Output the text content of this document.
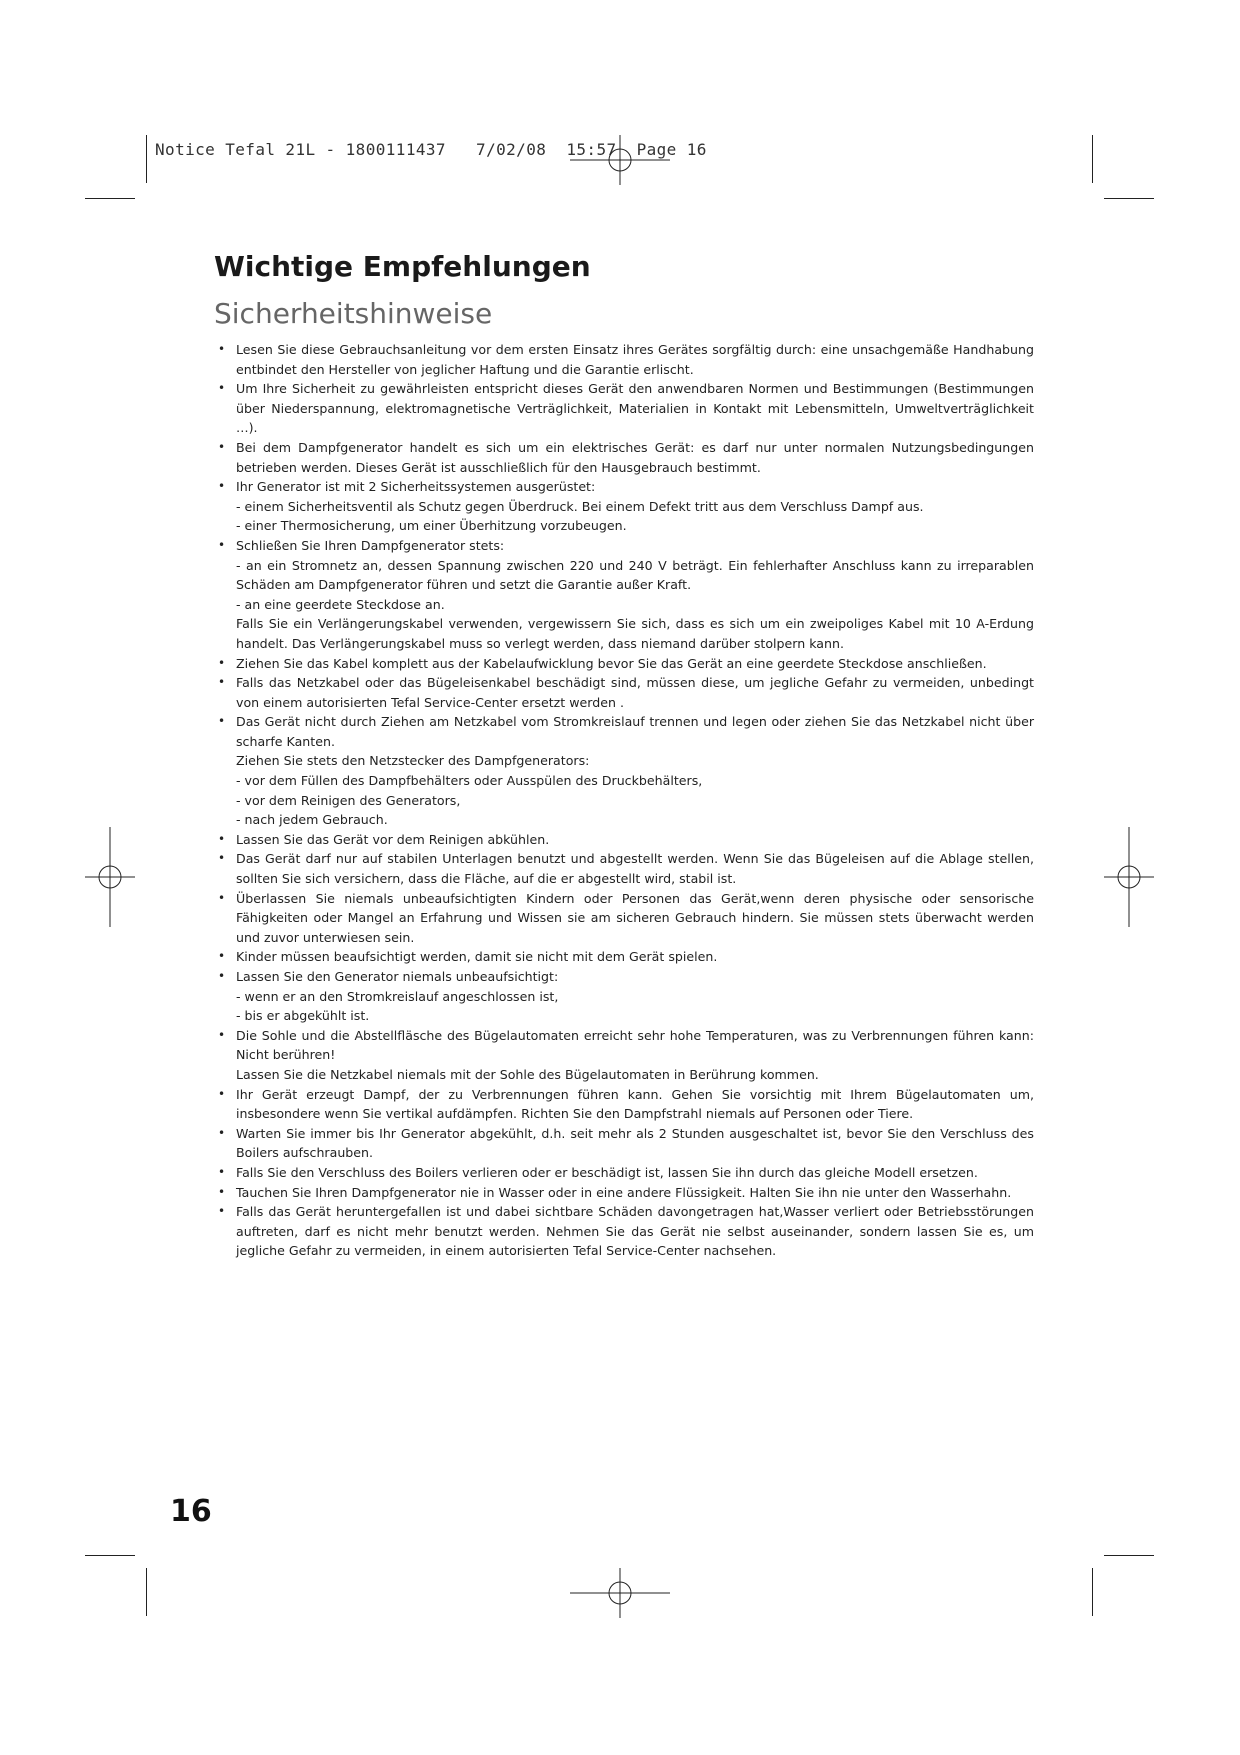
Notice Tefal 21L - 1800111437   7/02/08  15:57  Page 16
Wichtige Empfehlungen
Sicherheitshinweise
• Lesen Sie diese Gebrauchsanleitung vor dem ersten Einsatz ihres Gerätes sorgfältig durch: eine unsachgemäße Handhabung entbindet den Hersteller von jeglicher Haftung und die Garantie erlischt.
• Um Ihre Sicherheit zu gewährleisten entspricht dieses Gerät den anwendbaren Normen und Bestimmungen (Bestimmungen über Niederspannung, elektromagnetische Verträglichkeit, Materialien in Kontakt mit Lebensmitteln, Umweltverträglichkeit …).
• Bei dem Dampfgenerator handelt es sich um ein elektrisches Gerät: es darf nur unter normalen Nutzungsbedingungen betrieben werden. Dieses Gerät ist ausschließlich für den Hausgebrauch bestimmt.
• Ihr Generator ist mit 2 Sicherheitssystemen ausgerüstet:
- einem Sicherheitsventil als Schutz gegen Überdruck. Bei einem Defekt tritt aus dem Verschluss Dampf aus.
- einer Thermosicherung, um einer Überhitzung vorzubeugen.
• Schließen Sie Ihren Dampfgenerator stets:
- an ein Stromnetz an, dessen Spannung zwischen 220 und 240 V beträgt. Ein fehlerhafter Anschluss kann zu irreparablen Schäden am Dampfgenerator führen und setzt die Garantie außer Kraft.
- an eine geerdete Steckdose an.
Falls Sie ein Verlängerungskabel verwenden, vergewissern Sie sich, dass es sich um ein zweipoliges Kabel mit 10 A-Erdung handelt. Das Verlängerungskabel muss so verlegt werden, dass niemand darüber stolpern kann.
• Ziehen Sie das Kabel komplett aus der Kabelaufwicklung bevor Sie das Gerät an eine geerdete Steckdose anschließen.
• Falls das Netzkabel oder das Bügeleisenkabel beschädigt sind, müssen diese, um jegliche Gefahr zu vermeiden, unbedingt von einem autorisierten Tefal Service-Center ersetzt werden .
• Das Gerät nicht durch Ziehen am Netzkabel vom Stromkreislauf trennen und legen oder ziehen Sie das Netzkabel nicht über scharfe Kanten.
Ziehen Sie stets den Netzstecker des Dampfgenerators:
- vor dem Füllen des Dampfbehälters oder Ausspülen des Druckbehälters,
- vor dem Reinigen des Generators,
- nach jedem Gebrauch.
• Lassen Sie das Gerät vor dem Reinigen abkühlen.
• Das Gerät darf nur auf stabilen Unterlagen benutzt und abgestellt werden. Wenn Sie das Bügeleisen auf die Ablage stellen, sollten Sie sich versichern, dass die Fläche, auf die er abgestellt wird, stabil ist.
• Überlassen Sie niemals unbeaufsichtigten Kindern oder Personen das Gerät,wenn deren physische oder sensorische Fähigkeiten oder Mangel an Erfahrung und Wissen sie am sicheren Gebrauch hindern. Sie müssen stets überwacht werden und zuvor unterwiesen sein.
• Kinder müssen beaufsichtigt werden, damit sie nicht mit dem Gerät spielen.
• Lassen Sie den Generator niemals unbeaufsichtigt:
- wenn er an den Stromkreislauf angeschlossen ist,
- bis er abgekühlt ist.
• Die Sohle und die Abstellfläsche des Bügelautomaten erreicht sehr hohe Temperaturen, was zu Verbrennungen führen kann: Nicht berühren!
Lassen Sie die Netzkabel niemals mit der Sohle des Bügelautomaten in Berührung kommen.
• Ihr Gerät erzeugt Dampf, der zu Verbrennungen führen kann. Gehen Sie vorsichtig mit Ihrem Bügelautomaten um, insbesondere wenn Sie vertikal aufdämpfen. Richten Sie den Dampfstrahl niemals auf Personen oder Tiere.
• Warten Sie immer bis Ihr Generator abgekühlt, d.h. seit mehr als 2 Stunden ausgeschaltet ist, bevor Sie den Verschluss des Boilers aufschrauben.
• Falls Sie den Verschluss des Boilers verlieren oder er beschädigt ist, lassen Sie ihn durch das gleiche Modell ersetzen.
• Tauchen Sie Ihren Dampfgenerator nie in Wasser oder in eine andere Flüssigkeit. Halten Sie ihn nie unter den Wasserhahn.
• Falls das Gerät heruntergefallen ist und dabei sichtbare Schäden davongetragen hat,Wasser verliert oder Betriebsstörungen auftreten, darf es nicht mehr benutzt werden. Nehmen Sie das Gerät nie selbst auseinander, sondern lassen Sie es, um jegliche Gefahr zu vermeiden, in einem autorisierten Tefal Service-Center nachsehen.
16
